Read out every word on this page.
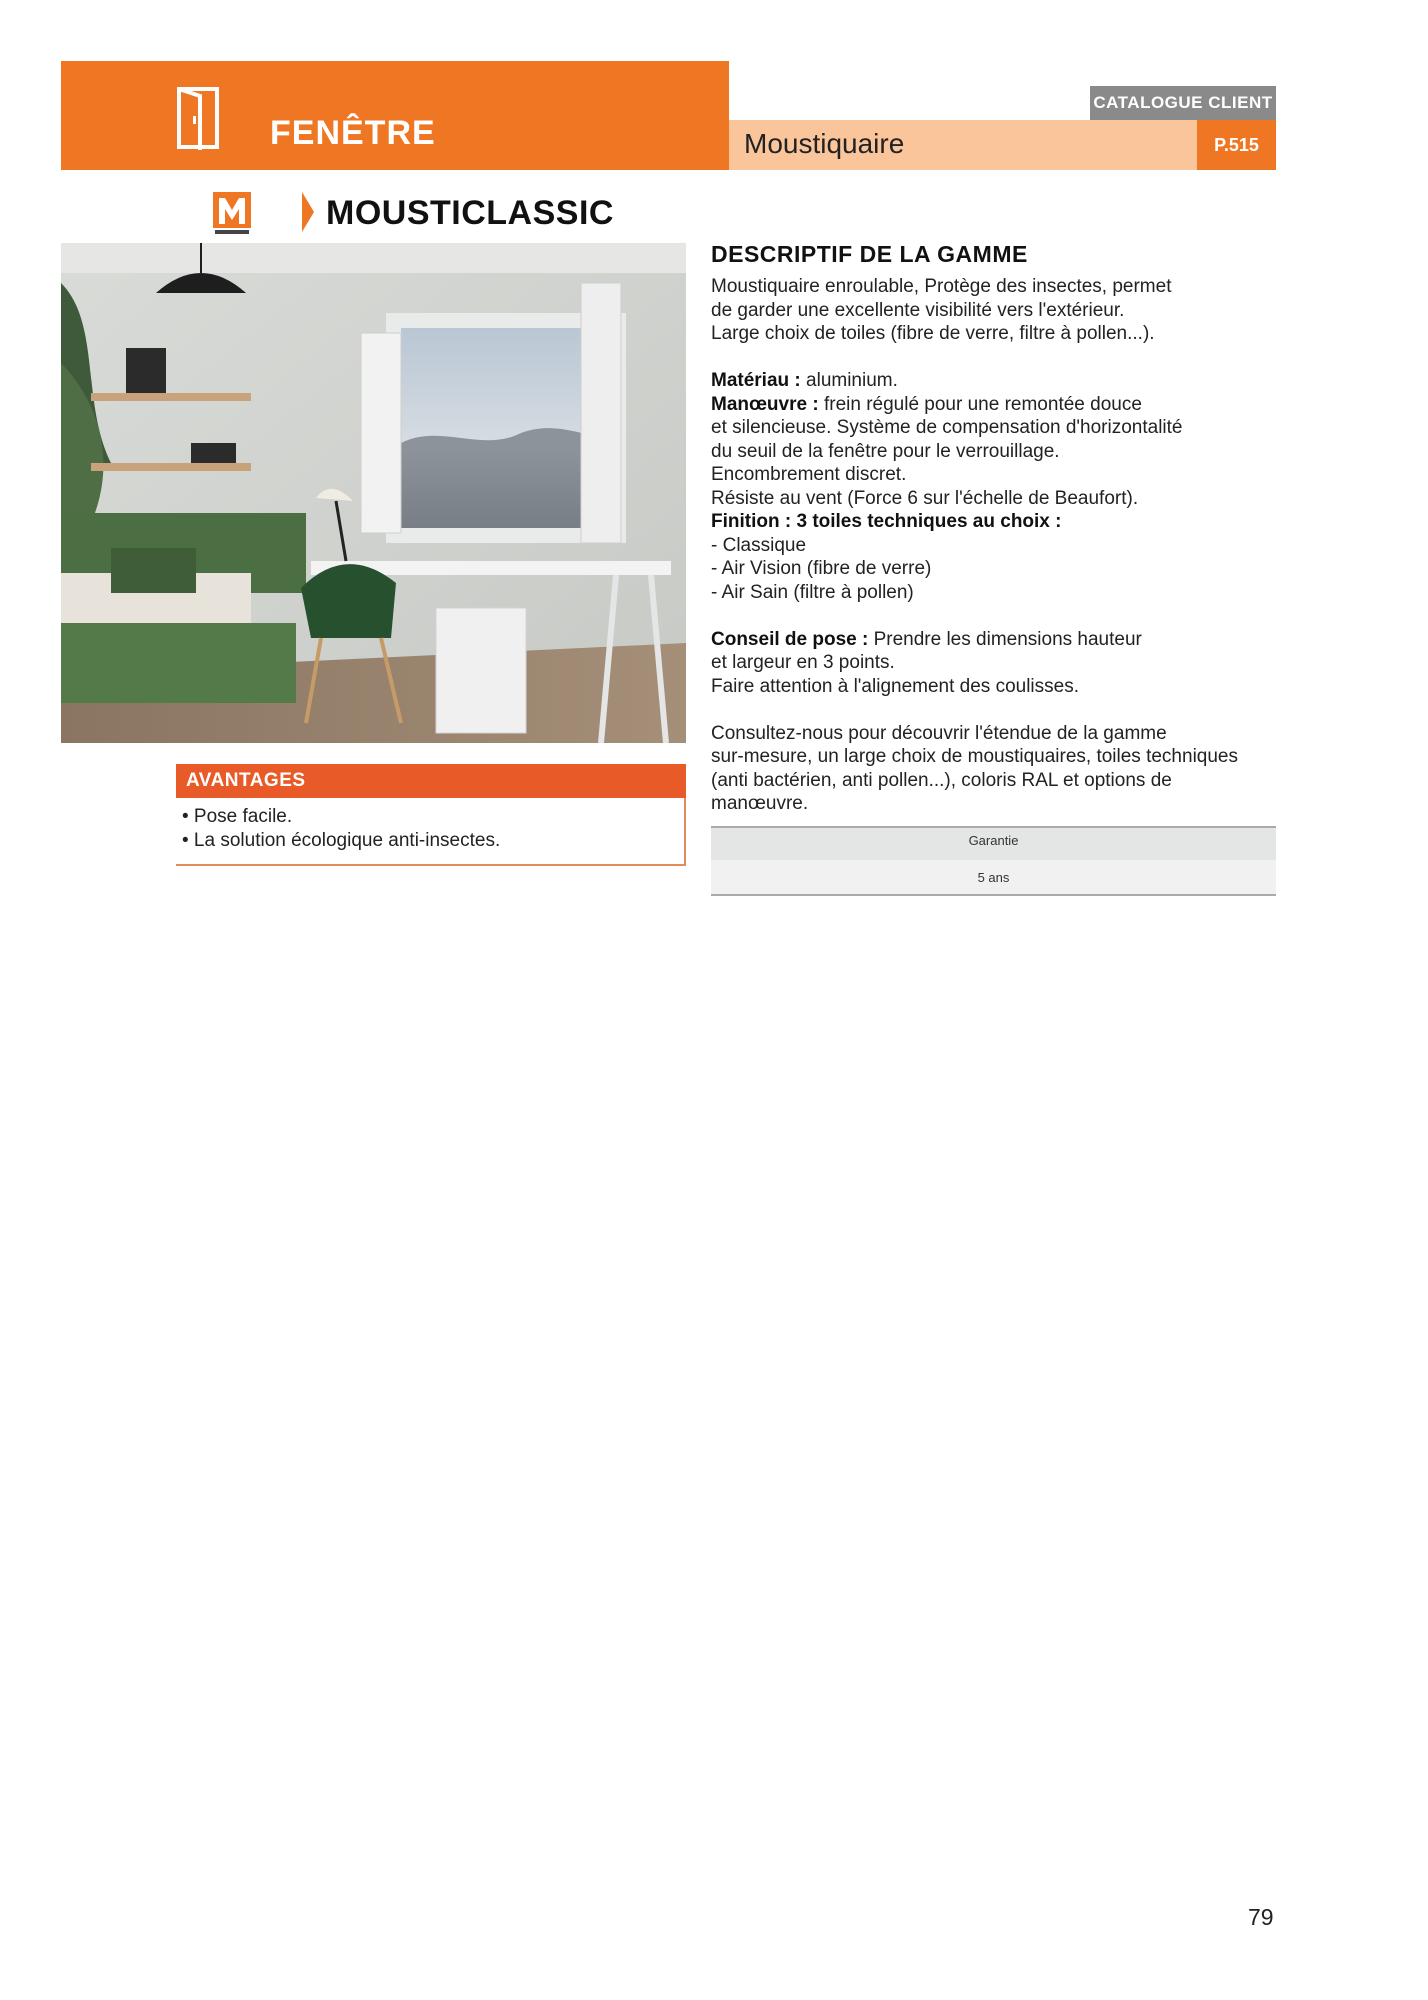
FENÊTRE	Moustiquaire
CATALOGUE CLIENT
P.515
MOUSTICLASSIC
AVANTAGES
• Pose facile.
• La solution écologique anti-insectes.
DESCRIPTIF DE LA GAMME

Moustiquaire enroulable, Protège des insectes, permet

de garder une excellente visibilité vers l'extérieur.

Large choix de toiles (fibre de verre, filtre à pollen...).

Matériau : aluminium.

Manœuvre : frein régulé pour une remontée douce

et silencieuse. Système de compensation d'horizontalité

du seuil de la fenêtre pour le verrouillage.

Encombrement discret.

Résiste au vent (Force 6 sur l'échelle de Beaufort).

Finition : 3 toiles techniques au choix :

- Classique

- Air Vision (fibre de verre)

- Air Sain (filtre à pollen)

Conseil de pose : Prendre les dimensions hauteur

et largeur en 3 points.

Faire attention à l'alignement des coulisses.

Consultez-nous pour découvrir l'étendue de la gamme

sur-mesure, un large choix de moustiquaires, toiles techniques

(anti bactérien, anti pollen...), coloris RAL et options de

manœuvre.

Garantie
5 ans
79
